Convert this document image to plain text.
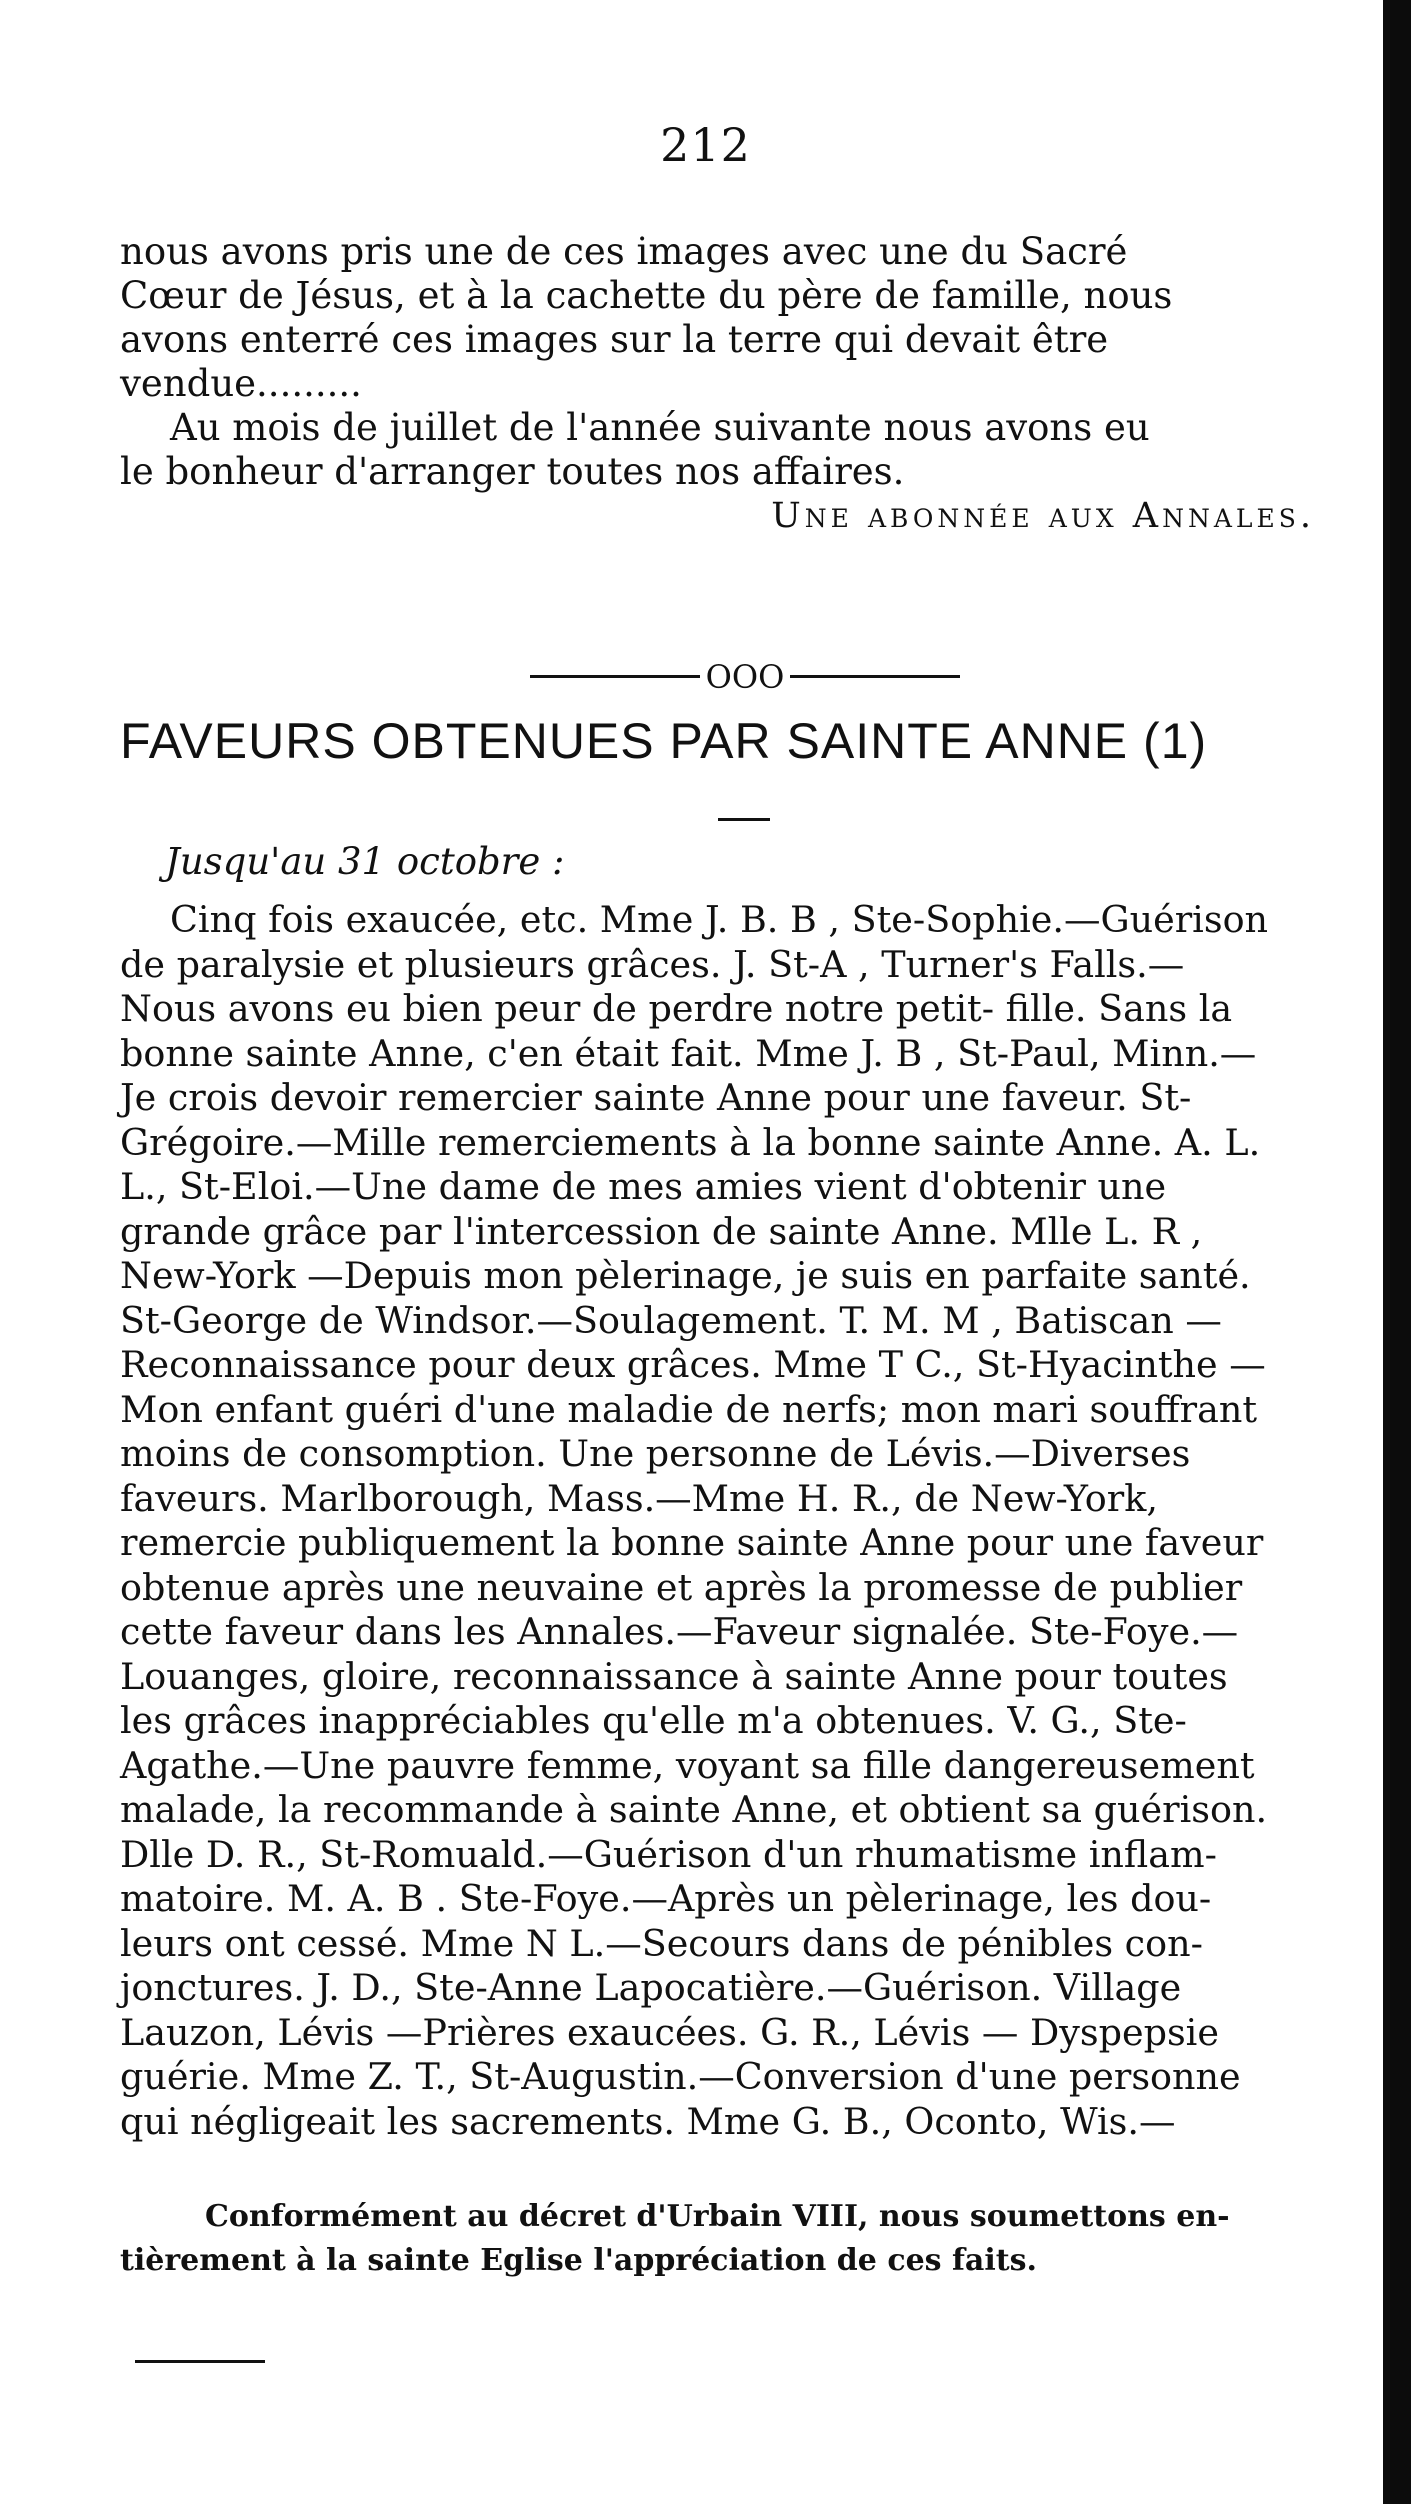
212
nous avons pris une de ces images avec une du Sacré
Cœur de Jésus, et à la cachette du père de famille, nous
avons enterré ces images sur la terre qui devait être
vendue.........
Au mois de juillet de l'année suivante nous avons eu
le bonheur d'arranger toutes nos affaires.
Une abonnée aux Annales.
OOO
FAVEURS OBTENUES PAR SAINTE ANNE (1)
Jusqu'au 31 octobre :
Cinq fois exaucée, etc. Mme J. B. B , Ste-Sophie.—Guérison
de paralysie et plusieurs grâces. J. St-A , Turner's Falls.—
Nous avons eu bien peur de perdre notre petit- fille. Sans la
bonne sainte Anne, c'en était fait. Mme J. B , St-Paul, Minn.—
Je crois devoir remercier sainte Anne pour une faveur. St-
Grégoire.—Mille remerciements à la bonne sainte Anne. A. L.
L., St-Eloi.—Une dame de mes amies vient d'obtenir une
grande grâce par l'intercession de sainte Anne. Mlle L. R ,
New-York —Depuis mon pèlerinage, je suis en parfaite santé.
St-George de Windsor.—Soulagement. T. M. M , Batiscan —
Reconnaissance pour deux grâces. Mme T C., St-Hyacinthe —
Mon enfant guéri d'une maladie de nerfs; mon mari souffrant
moins de consomption. Une personne de Lévis.—Diverses
faveurs. Marlborough, Mass.—Mme H. R., de New-York,
remercie publiquement la bonne sainte Anne pour une faveur
obtenue après une neuvaine et après la promesse de publier
cette faveur dans les Annales.—Faveur signalée. Ste-Foye.—
Louanges, gloire, reconnaissance à sainte Anne pour toutes
les grâces inappréciables qu'elle m'a obtenues. V. G., Ste-
Agathe.—Une pauvre femme, voyant sa fille dangereusement
malade, la recommande à sainte Anne, et obtient sa guérison.
Dlle D. R., St-Romuald.—Guérison d'un rhumatisme inflam-
matoire. M. A. B . Ste-Foye.—Après un pèlerinage, les dou-
leurs ont cessé. Mme N L.—Secours dans de pénibles con-
jonctures. J. D., Ste-Anne Lapocatière.—Guérison. Village
Lauzon, Lévis —Prières exaucées. G. R., Lévis — Dyspepsie
guérie. Mme Z. T., St-Augustin.—Conversion d'une personne
qui négligeait les sacrements. Mme G. B., Oconto, Wis.—
Conformément au décret d'Urbain VIII, nous soumettons en-
tièrement à la sainte Eglise l'appréciation de ces faits.
